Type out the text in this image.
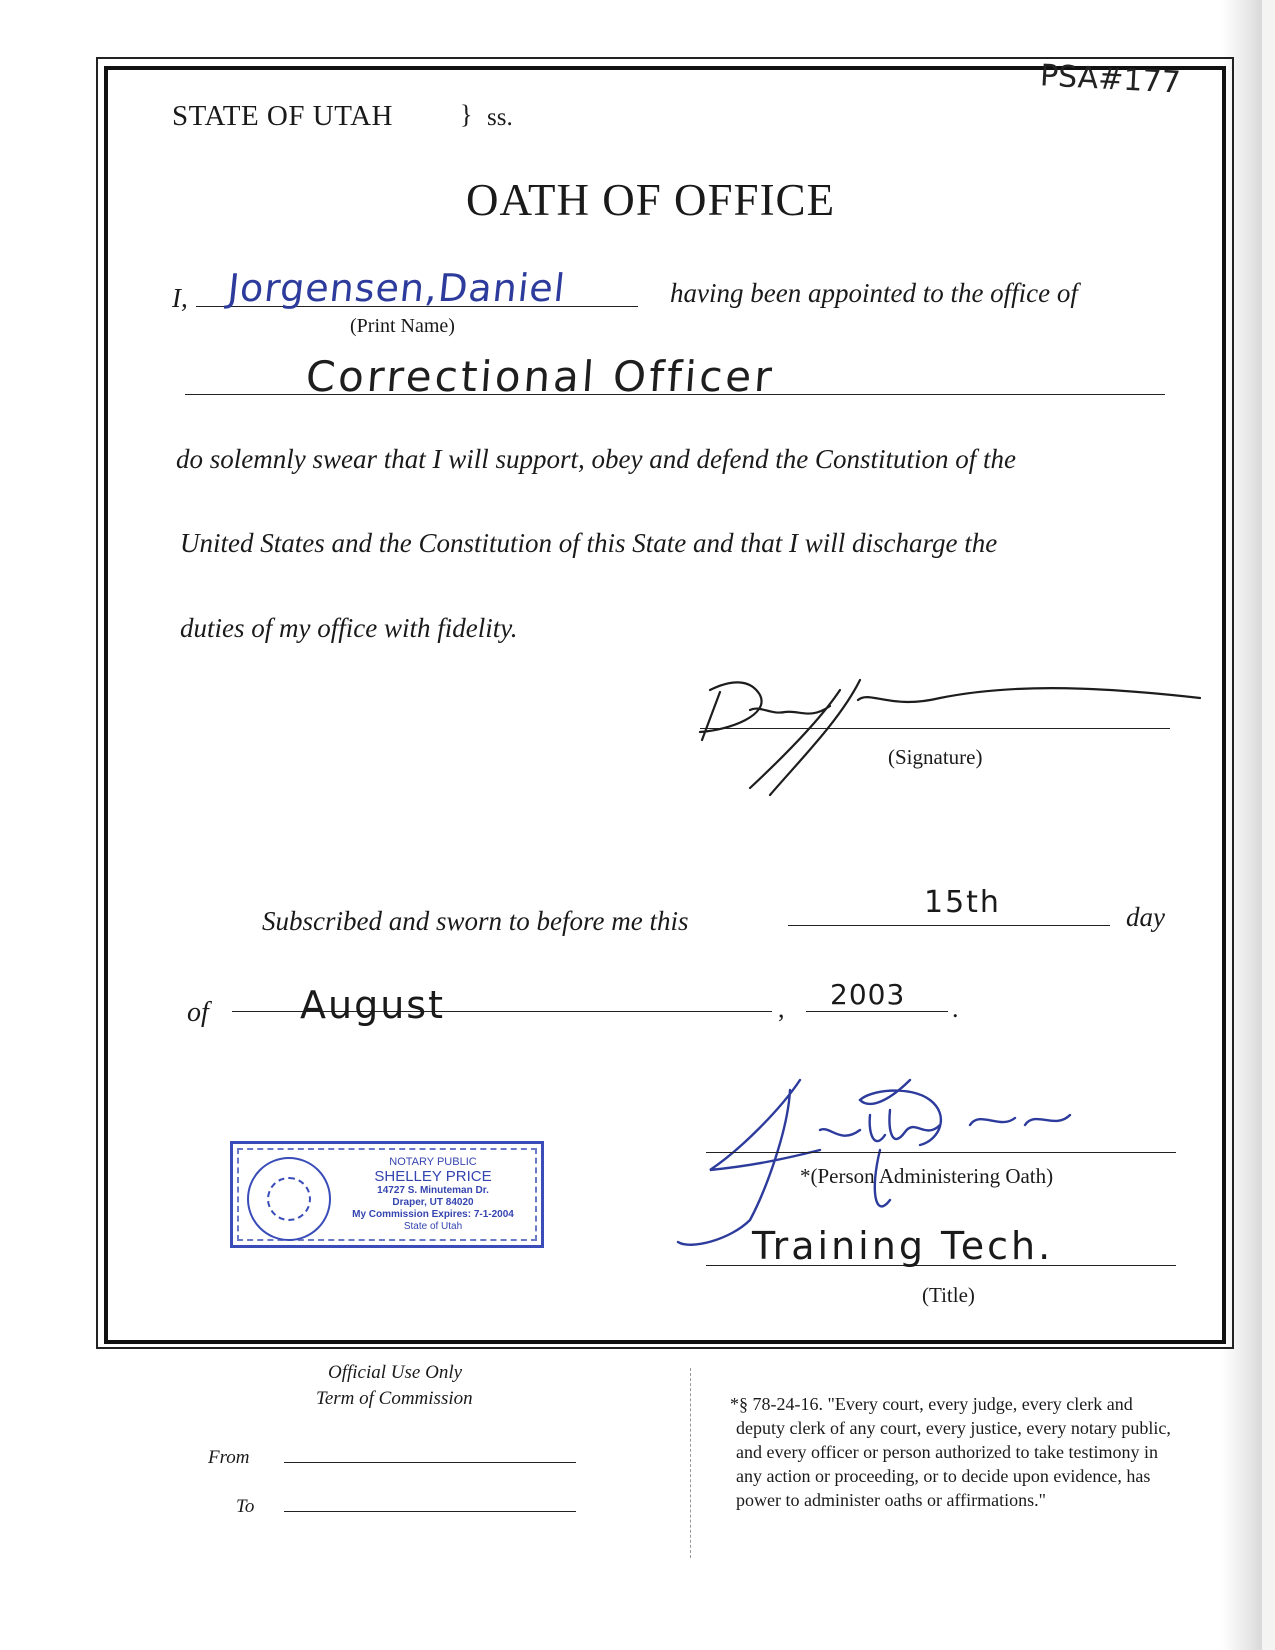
PSA#177
STATE OF UTAH	} ss.
OATH OF OFFICE
I, Jorgensen,Daniel
(Print Name)
having been appointed to the office of
Correctional Officer
do solemnly swear that I will support, obey and defend the Constitution of the
United States and the Constitution of this State and that I will discharge the
duties of my office with fidelity.
(Signature)
Subscribed and sworn to before me this
15th	day
of August	, 2003 .
*(Person Administering Oath)
Training Tech.
(Title)
NOTARY PUBLIC
SHELLEY PRICE
14727 S. Minuteman Dr.
Draper, UT 84020
My Commission Expires: 7-1-2004
State of Utah
Official Use Only
Term of Commission
From
To
*§ 78-24-16. "Every court, every judge, every clerk and
deputy clerk of any court, every justice, every notary public,
and every officer or person authorized to take testimony in
any action or proceeding, or to decide upon evidence, has
power to administer oaths or affirmations."
